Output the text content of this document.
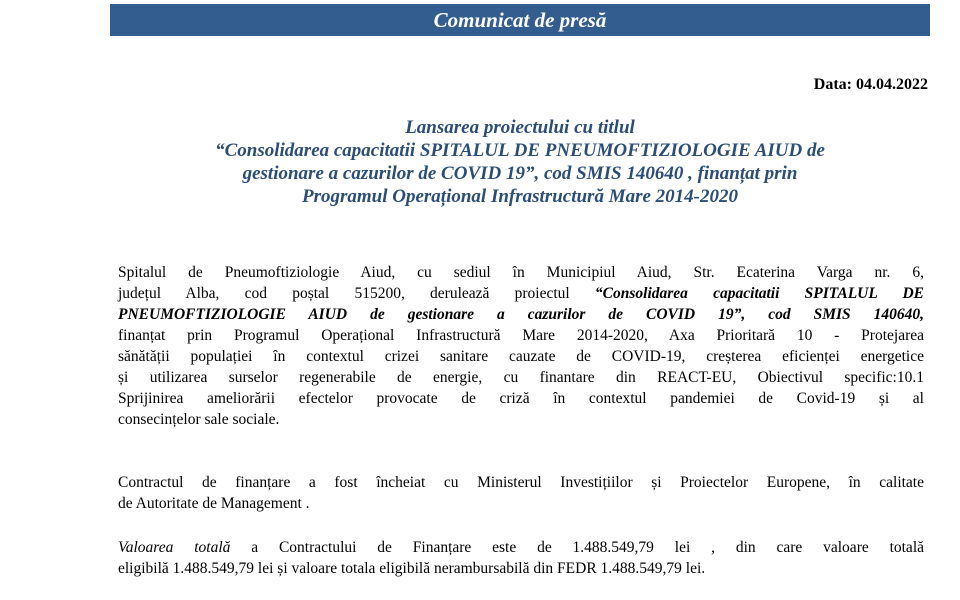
Comunicat de presă
Data: 04.04.2022
Lansarea proiectului cu titlul
“Consolidarea capacitatii SPITALUL DE PNEUMOFTIZIOLOGIE AIUD de
gestionare a cazurilor de COVID 19”, cod SMIS 140640 , finanțat prin
Programul Operațional Infrastructură Mare 2014-2020
Spitalul de Pneumoftiziologie Aiud, cu sediul în Municipiul Aiud, Str. Ecaterina Varga nr. 6,
județul Alba, cod poștal 515200, derulează proiectul “Consolidarea capacitatii SPITALUL DE
PNEUMOFTIZIOLOGIE AIUD de gestionare a cazurilor de COVID 19”, cod SMIS 140640,
finanțat prin Programul Operațional Infrastructură Mare 2014-2020, Axa Prioritară 10 - Protejarea
sănătății populației în contextul crizei sanitare cauzate de COVID-19, creșterea eficienței energetice
și utilizarea surselor regenerabile de energie, cu finantare din REACT-EU, Obiectivul specific:10.1
Sprijinirea ameliorării efectelor provocate de criză în contextul pandemiei de Covid-19 și al
consecințelor sale sociale.
Contractul de finanțare a fost încheiat cu Ministerul Investițiilor și Proiectelor Europene, în calitate
de Autoritate de Management .
Valoarea totală a Contractului de Finanțare este de 1.488.549,79 lei , din care valoare totală
eligibilă 1.488.549,79 lei și valoare totala eligibilă nerambursabilă din FEDR 1.488.549,79 lei.
